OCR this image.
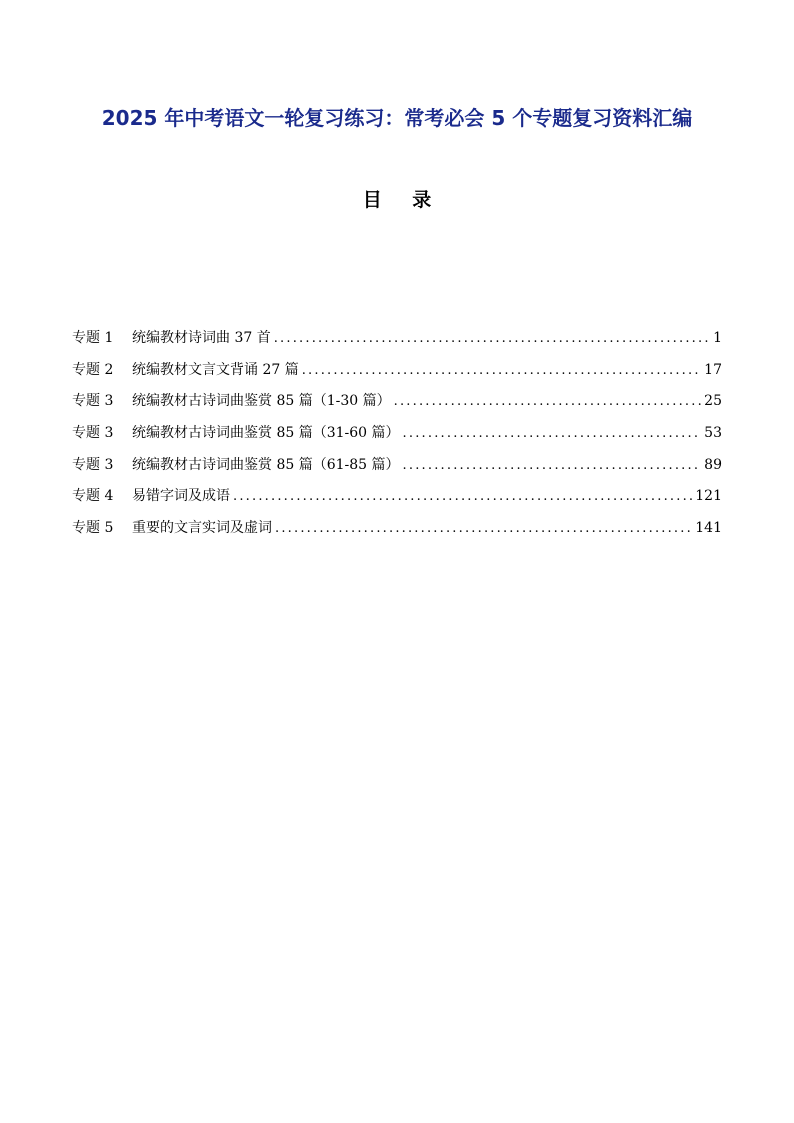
2025 年中考语文一轮复习练习：常考必会 5 个专题复习资料汇编
目 录
专题 1	统编教材诗词曲 37 首 .....	1
专题 2	统编教材文言文背诵 27 篇 .....	17
专题 3	统编教材古诗词曲鉴赏 85 篇（1-30 篇） .....	25
专题 3	统编教材古诗词曲鉴赏 85 篇（31-60 篇） .....	53
专题 3	统编教材古诗词曲鉴赏 85 篇（61-85 篇） .....	89
专题 4	易错字词及成语 .....	121
专题 5	重要的文言实词及虚词 .....	141
